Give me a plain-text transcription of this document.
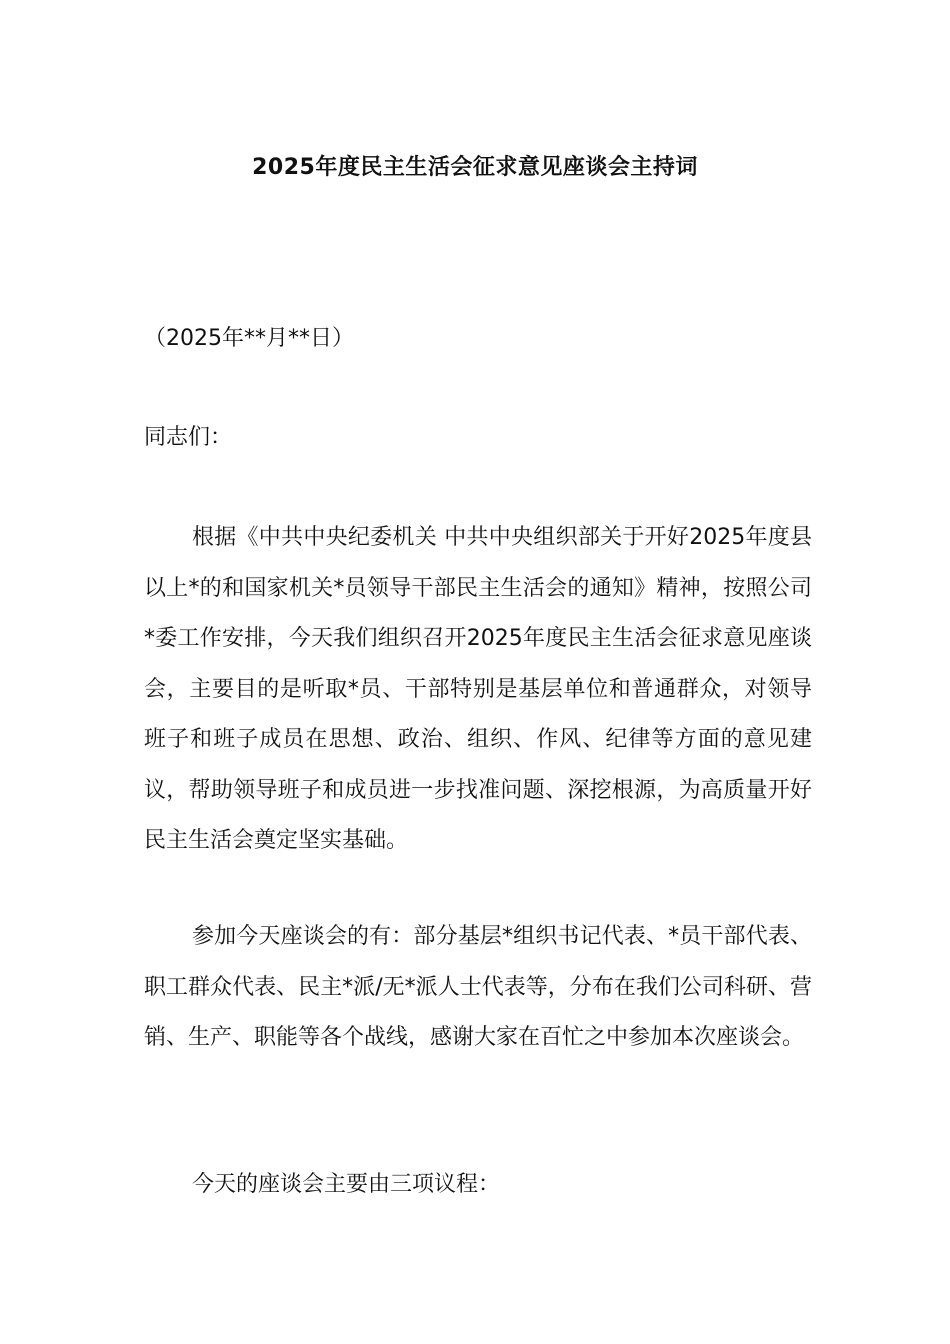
2025年度民主生活会征求意见座谈会主持词
（2025年**月**日）
同志们：

根据《中共中央纪委机关 中共中央组织部关于开好2025年度县以上*的和国家机关*员领导干部民主生活会的通知》精神，按照公司*委工作安排，今天我们组织召开2025年度民主生活会征求意见座谈会，主要目的是听取*员、干部特别是基层单位和普通群众，对领导班子和班子成员在思想、政治、组织、作风、纪律等方面的意见建议，帮助领导班子和成员进一步找准问题、深挖根源，为高质量开好民主生活会奠定坚实基础。

参加今天座谈会的有：部分基层*组织书记代表、*员干部代表、职工群众代表、民主*派/无*派人士代表等，分布在我们公司科研、营销、生产、职能等各个战线，感谢大家在百忙之中参加本次座谈会。

今天的座谈会主要由三项议程：
